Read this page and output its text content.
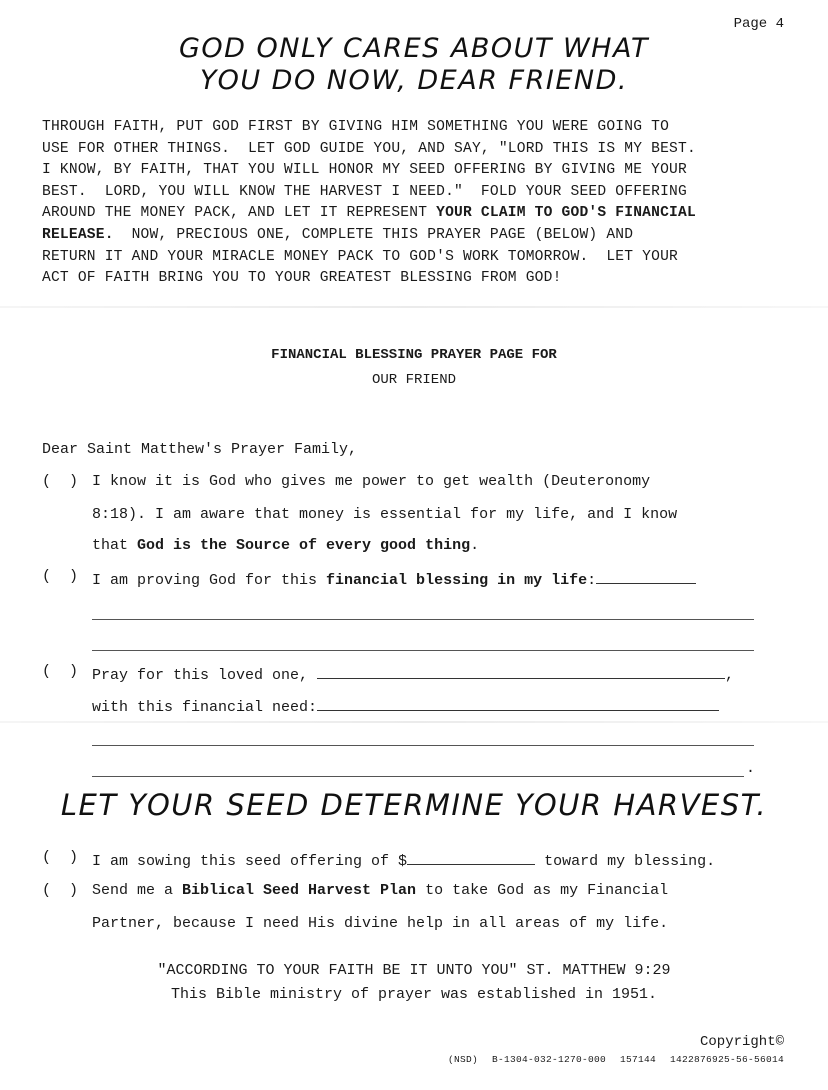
Page 4
GOD ONLY CARES ABOUT WHAT
YOU DO NOW, DEAR FRIEND.
THROUGH FAITH, PUT GOD FIRST BY GIVING HIM SOMETHING YOU WERE GOING TO
USE FOR OTHER THINGS.  LET GOD GUIDE YOU, AND SAY, "LORD THIS IS MY BEST.
I KNOW, BY FAITH, THAT YOU WILL HONOR MY SEED OFFERING BY GIVING ME YOUR
BEST.  LORD, YOU WILL KNOW THE HARVEST I NEED."  FOLD YOUR SEED OFFERING
AROUND THE MONEY PACK, AND LET IT REPRESENT YOUR CLAIM TO GOD'S FINANCIAL
RELEASE.  NOW, PRECIOUS ONE, COMPLETE THIS PRAYER PAGE (BELOW) AND
RETURN IT AND YOUR MIRACLE MONEY PACK TO GOD'S WORK TOMORROW.  LET YOUR
ACT OF FAITH BRING YOU TO YOUR GREATEST BLESSING FROM GOD!
FINANCIAL BLESSING PRAYER PAGE FOR
OUR FRIEND
Dear Saint Matthew's Prayer Family,
(  ) I know it is God who gives me power to get wealth (Deuteronomy
8:18). I am aware that money is essential for my life, and I know
that God is the Source of every good thing.
(  ) I am proving God for this financial blessing in my life:
(  ) Pray for this loved one,	,
with this financial need:
.
LET YOUR SEED DETERMINE YOUR HARVEST.
(  ) I am sowing this seed offering of $	toward my blessing.
(  ) Send me a Biblical Seed Harvest Plan to take God as my Financial
Partner, because I need His divine help in all areas of my life.
"ACCORDING TO YOUR FAITH BE IT UNTO YOU" ST. MATTHEW 9:29
This Bible ministry of prayer was established in 1951.
Copyright©
(NSD) B-1304-032-1270-000 157144 1422876925-56-56014
